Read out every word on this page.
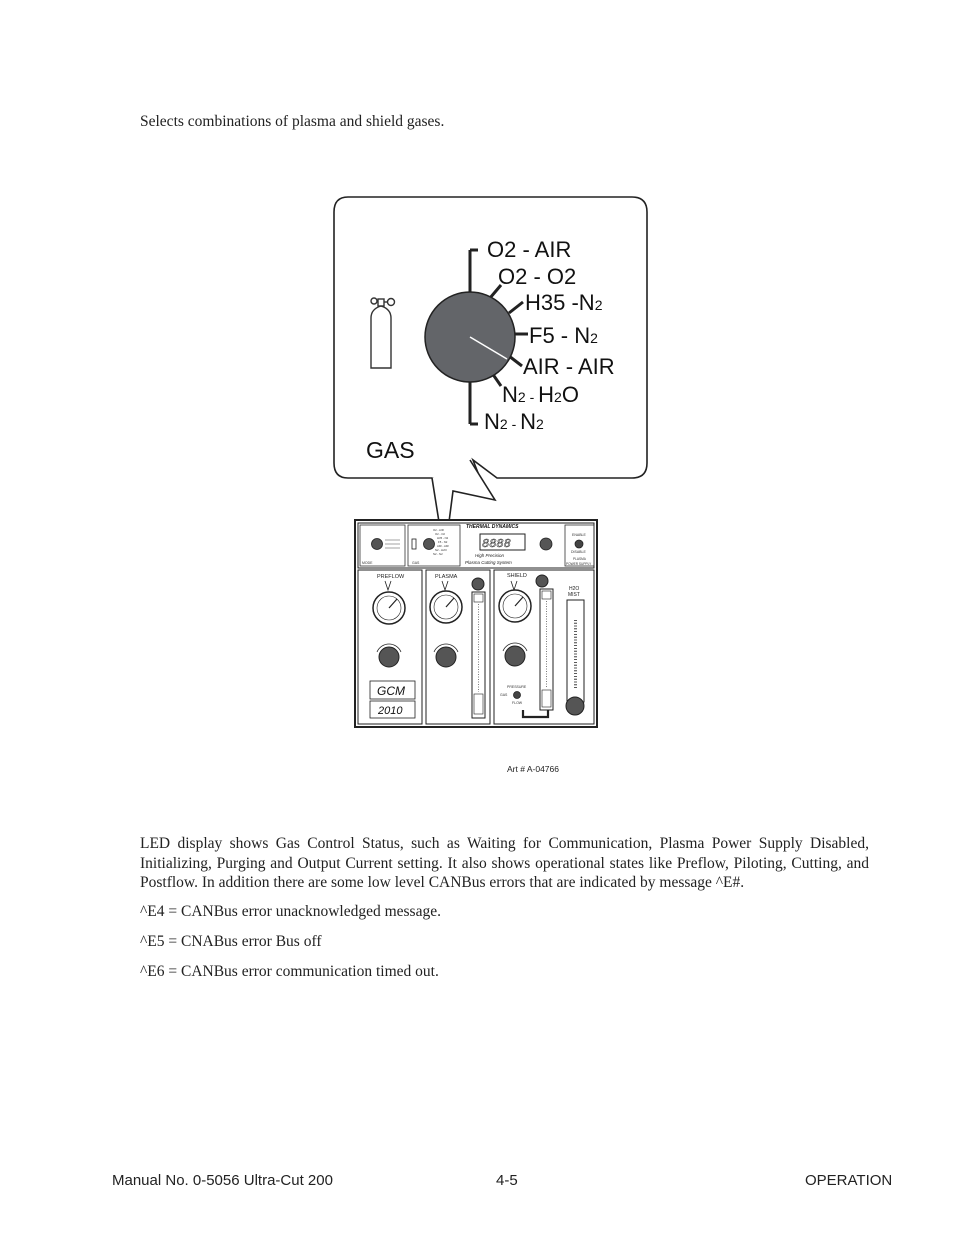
Selects combinations of plasma and shield gases.
O2 - AIR
O2 - O2
H35 -N2
F5 - N2
AIR - AIR
N2 - H2O
N2 - N2
GAS
MODE
O2 - AIR
O2 - O2
H35 - N2
F5 - N2
AIR - AIR
N2 - H2O
N2 - N2
GAS
THERMAL DYNAMICS
8888
High Precision
Plasma Cutting System
ENABLE
DISABLE
PLASMA
POWER SUPPLY
PREFLOW
GCM
2010
PLASMA	SHIELD
PRESSURE
GAS
FLOW
H2O
MIST
Art # A-04766

LED display shows Gas Control Status, such as Waiting for Communication, Plasma Power Supply Disabled, Initializing, Purging and Output Current setting. It also shows operational states like Preflow, Piloting, Cutting, and Postflow. In addition there are some low level CANBus errors that are indicated by message ^E#.

^E4 = CANBus error unacknowledged message.

^E5 = CNABus error Bus off

^E6 = CANBus error communication timed out.

Manual No. 0-5056 Ultra-Cut 200	4-5	OPERATION
